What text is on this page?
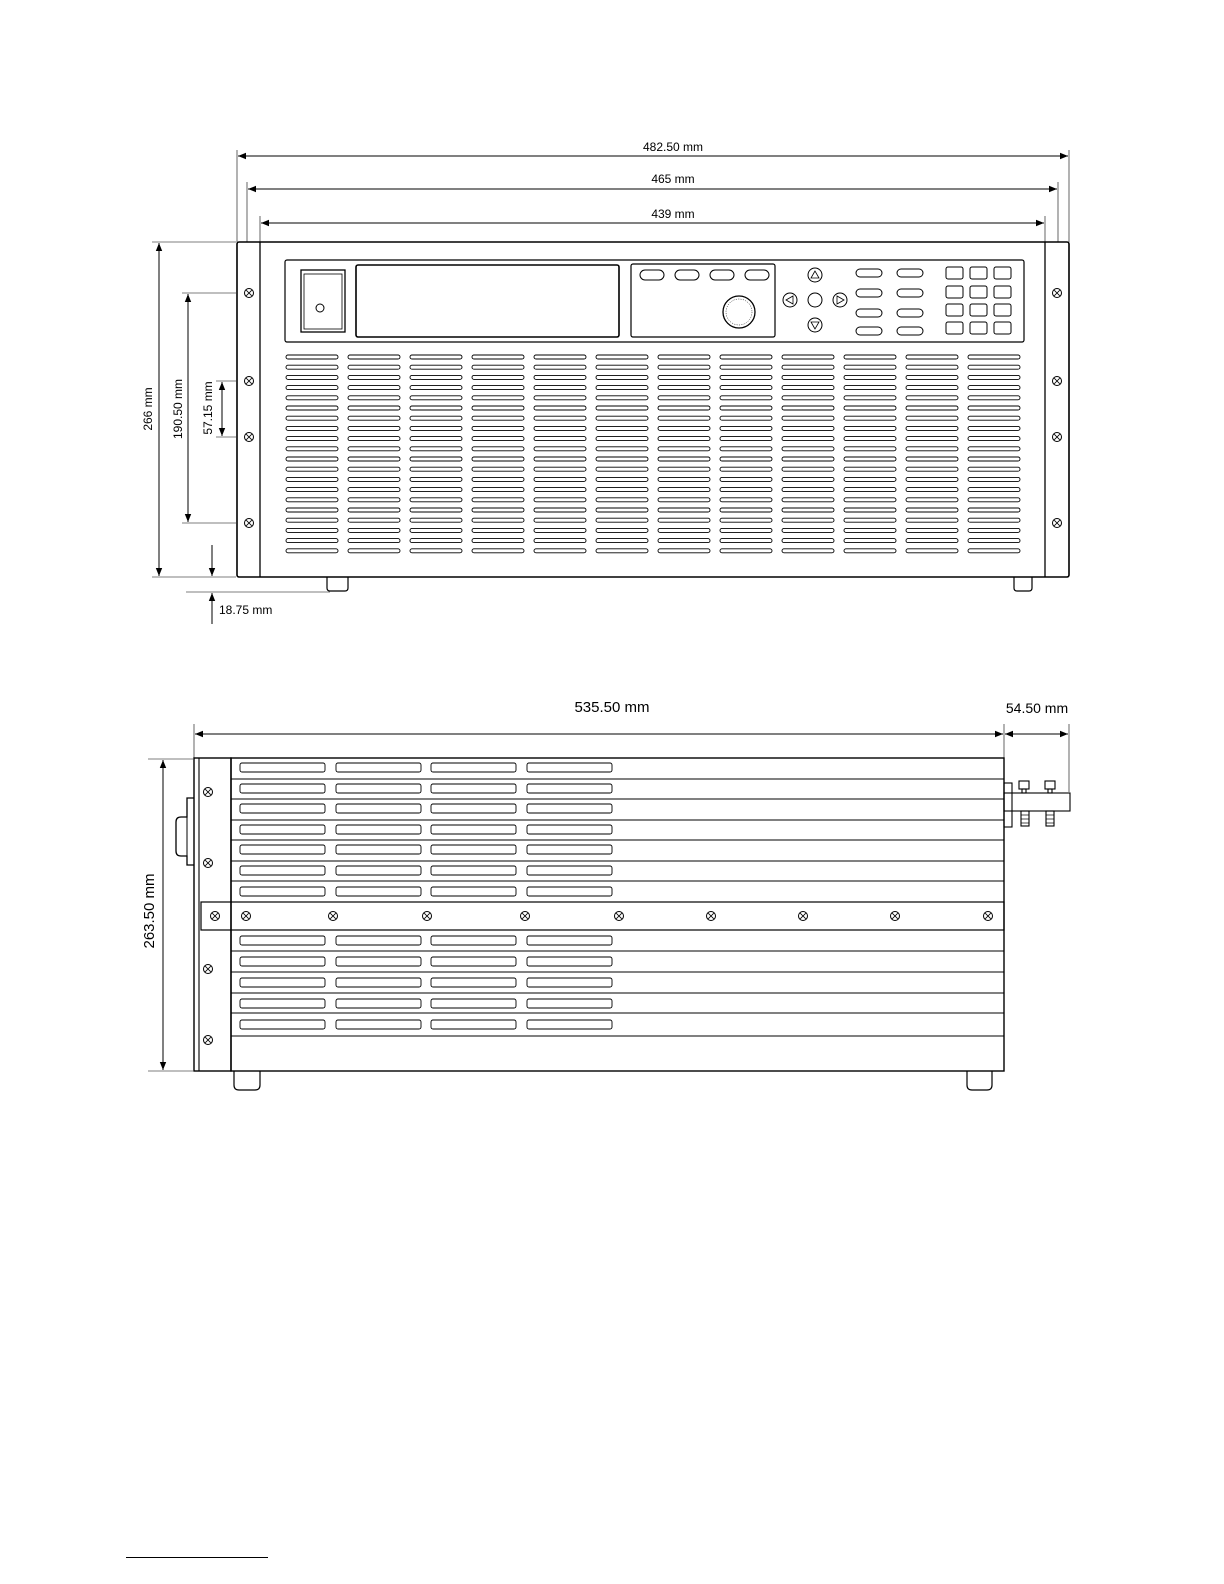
482.50 mm
465 mm
439 mm
266 mm 190.50 mm 57.15 mm
18.75 mm
535.50 mm	54.50 mm
263.50 mm
